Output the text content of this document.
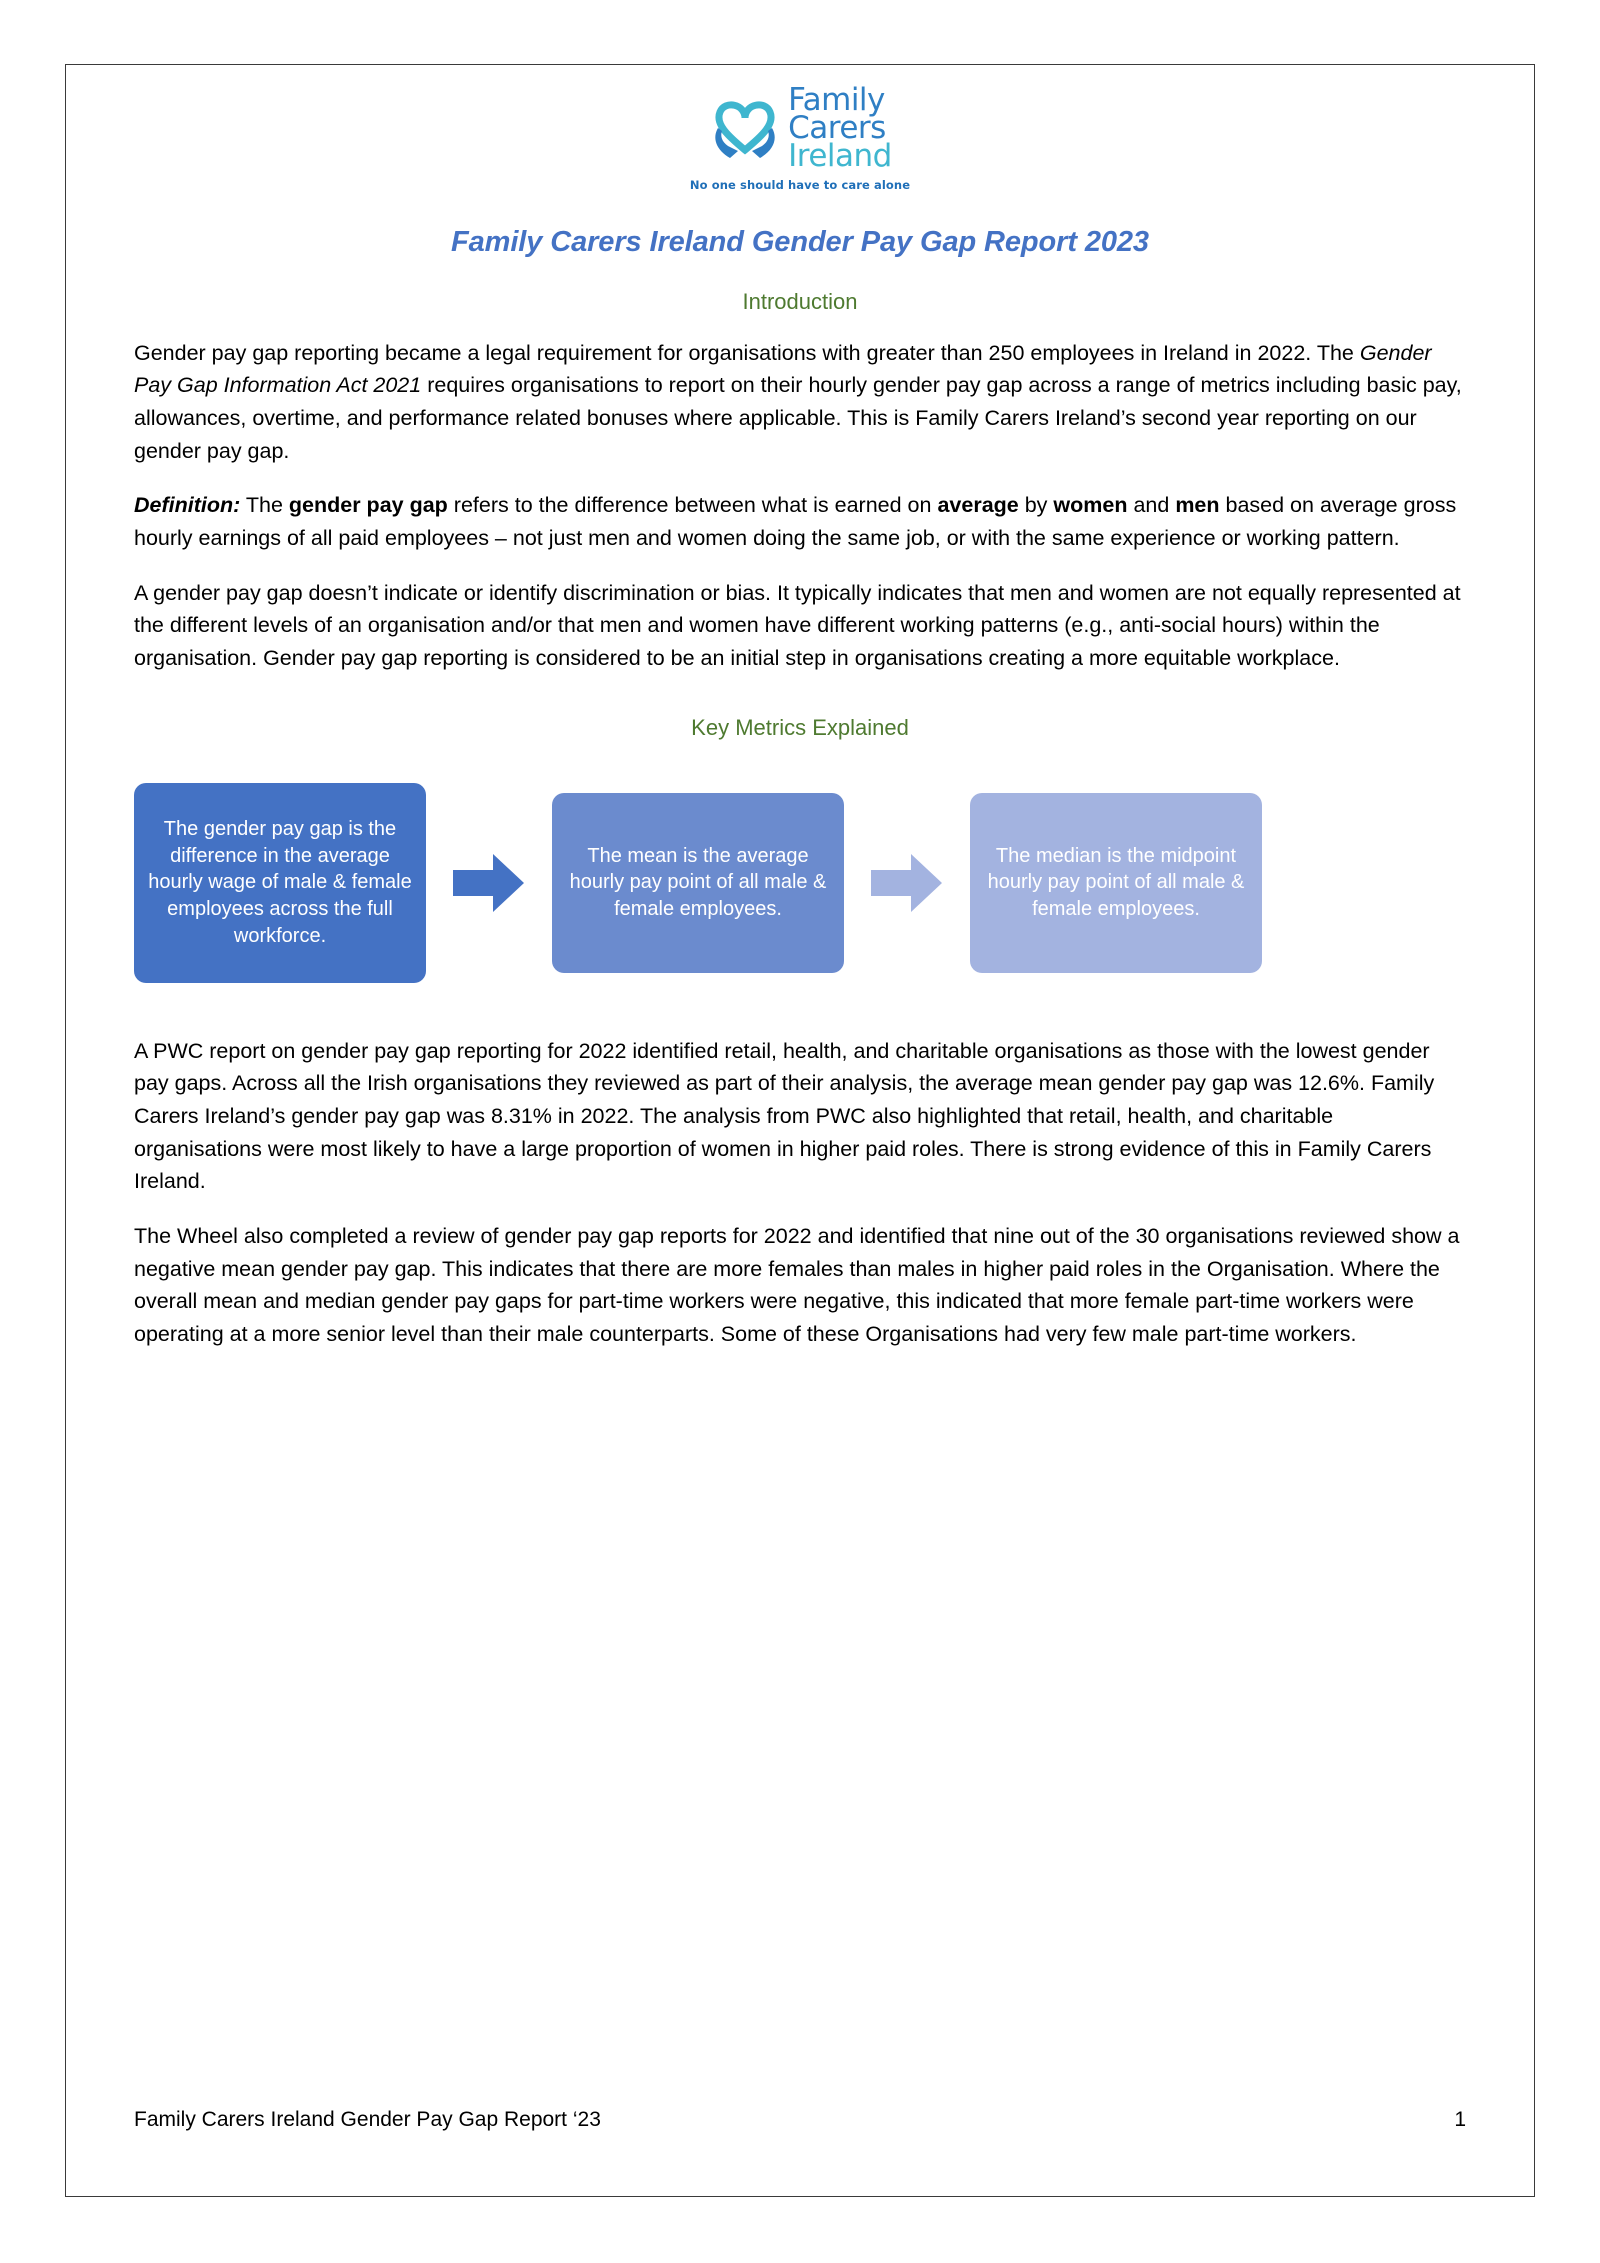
Family
Carers
Ireland
No one should have to care alone
Family Carers Ireland Gender Pay Gap Report 2023
Introduction

Gender pay gap reporting became a legal requirement for organisations with greater than 250 employees in Ireland in 2022. The Gender Pay Gap Information Act 2021 requires organisations to report on their hourly gender pay gap across a range of metrics including basic pay, allowances, overtime, and performance related bonuses where applicable. This is Family Carers Ireland’s second year reporting on our gender pay gap.

Definition: The gender pay gap refers to the difference between what is earned on average by women and men based on average gross hourly earnings of all paid employees – not just men and women doing the same job, or with the same experience or working pattern.

A gender pay gap doesn’t indicate or identify discrimination or bias. It typically indicates that men and women are not equally represented at the different levels of an organisation and/or that men and women have different working patterns (e.g., anti-social hours) within the organisation. Gender pay gap reporting is considered to be an initial step in organisations creating a more equitable workplace.

Key Metrics Explained
The gender pay gap is the difference in the average hourly wage of male & female employees across the full workforce.
The mean is the average hourly pay point of all male & female employees.
The median is the midpoint hourly pay point of all male & female employees.

A PWC report on gender pay gap reporting for 2022 identified retail, health, and charitable organisations as those with the lowest gender pay gaps. Across all the Irish organisations they reviewed as part of their analysis, the average mean gender pay gap was 12.6%. Family Carers Ireland’s gender pay gap was 8.31% in 2022. The analysis from PWC also highlighted that retail, health, and charitable organisations were most likely to have a large proportion of women in higher paid roles. There is strong evidence of this in Family Carers Ireland.

The Wheel also completed a review of gender pay gap reports for 2022 and identified that nine out of the 30 organisations reviewed show a negative mean gender pay gap. This indicates that there are more females than males in higher paid roles in the Organisation. Where the overall mean and median gender pay gaps for part-time workers were negative, this indicated that more female part-time workers were operating at a more senior level than their male counterparts. Some of these Organisations had very few male part-time workers.

Family Carers Ireland Gender Pay Gap Report ‘23	1
